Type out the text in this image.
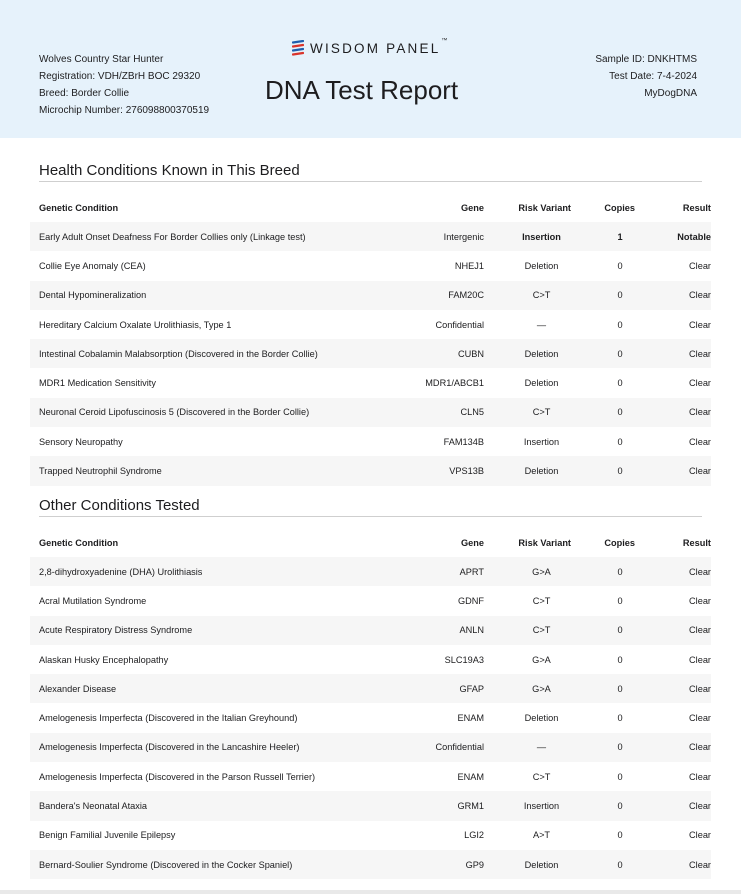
Wolves Country Star Hunter
Registration: VDH/ZBrH BOC 29320
Breed: Border Collie
Microchip Number: 276098800370519
WISDOM PANEL™
DNA Test Report
Sample ID: DNKHTMS
Test Date: 7-4-2024
MyDogDNA
Health Conditions Known in This Breed
Genetic Condition	Gene	Risk Variant	Copies	Result
Early Adult Onset Deafness For Border Collies only (Linkage test)	Intergenic	Insertion	1	Notable
Collie Eye Anomaly (CEA)	NHEJ1	Deletion	0	Clear
Dental Hypomineralization	FAM20C	C>T	0	Clear
Hereditary Calcium Oxalate Urolithiasis, Type 1	Confidential	—	0	Clear
Intestinal Cobalamin Malabsorption (Discovered in the Border Collie)	CUBN	Deletion	0	Clear
MDR1 Medication Sensitivity	MDR1/ABCB1	Deletion	0	Clear
Neuronal Ceroid Lipofuscinosis 5 (Discovered in the Border Collie)	CLN5	C>T	0	Clear
Sensory Neuropathy	FAM134B	Insertion	0	Clear
Trapped Neutrophil Syndrome	VPS13B	Deletion	0	Clear
Other Conditions Tested
Genetic Condition	Gene	Risk Variant	Copies	Result
2,8-dihydroxyadenine (DHA) Urolithiasis	APRT	G>A	0	Clear
Acral Mutilation Syndrome	GDNF	C>T	0	Clear
Acute Respiratory Distress Syndrome	ANLN	C>T	0	Clear
Alaskan Husky Encephalopathy	SLC19A3	G>A	0	Clear
Alexander Disease	GFAP	G>A	0	Clear
Amelogenesis Imperfecta (Discovered in the Italian Greyhound)	ENAM	Deletion	0	Clear
Amelogenesis Imperfecta (Discovered in the Lancashire Heeler)	Confidential	—	0	Clear
Amelogenesis Imperfecta (Discovered in the Parson Russell Terrier)	ENAM	C>T	0	Clear
Bandera's Neonatal Ataxia	GRM1	Insertion	0	Clear
Benign Familial Juvenile Epilepsy	LGI2	A>T	0	Clear
Bernard-Soulier Syndrome (Discovered in the Cocker Spaniel)	GP9	Deletion	0	Clear
